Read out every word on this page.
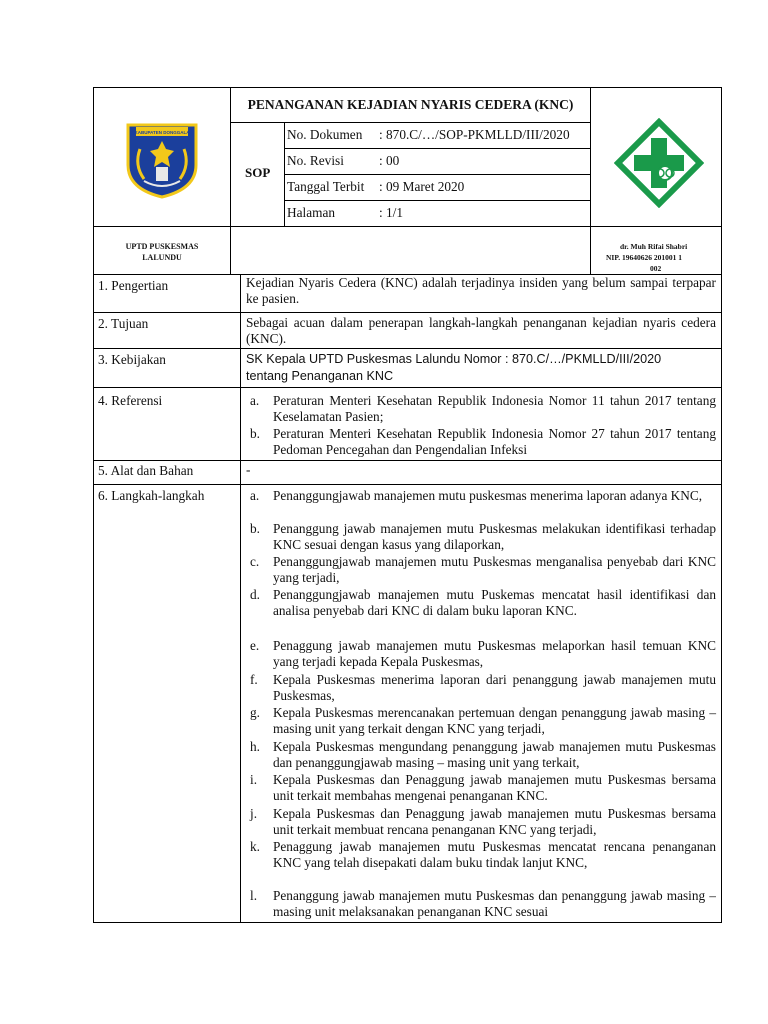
KABUPATEN DONGGALA
PENANGANAN KEJADIAN NYARIS CEDERA (KNC)
SOP
No. Dokumen : 870.C/…/SOP-PKMLLD/III/2020
No. Revisi	: 00
Tanggal Terbit : 09 Maret 2020
Halaman	: 1/1
UPTD PUSKESMAS
LALUNDU
dr. Muh Rifai Shabri
NIP. 19640626 201001 1
002
1. Pengertian	Kejadian Nyaris Cedera (KNC) adalah terjadinya insiden yang belum sampai terpapar ke pasien.
2. Tujuan	Sebagai acuan dalam penerapan langkah-langkah penanganan kejadian nyaris cedera (KNC).
3. Kebijakan	SK Kepala UPTD Puskesmas Lalundu Nomor : 870.C/…/PKMLLD/III/2020
tentang Penanganan KNC
4. Referensi	a. Peraturan Menteri Kesehatan Republik Indonesia Nomor 11 tahun 2017 tentang Keselamatan Pasien;
b. Peraturan Menteri Kesehatan Republik Indonesia Nomor 27 tahun 2017 tentang Pedoman Pencegahan dan Pengendalian Infeksi
5. Alat dan Bahan	-
6. Langkah-langkah	a. Penanggungjawab manajemen mutu puskesmas menerima laporan adanya KNC,
b. Penanggung jawab manajemen mutu Puskesmas melakukan identifikasi terhadap KNC sesuai dengan kasus yang dilaporkan,
c. Penanggungjawab manajemen mutu Puskesmas menganalisa penyebab dari KNC yang terjadi,
d. Penanggungjawab manajemen mutu Puskemas mencatat hasil identifikasi dan analisa penyebab dari KNC di dalam buku laporan KNC.
e. Penaggung jawab manajemen mutu Puskesmas melaporkan hasil temuan KNC yang terjadi kepada Kepala Puskesmas,
f. Kepala Puskesmas menerima laporan dari penanggung jawab manajemen mutu Puskesmas,
g. Kepala Puskesmas merencanakan pertemuan dengan penanggung jawab masing – masing unit yang terkait dengan KNC yang terjadi,
h. Kepala Puskesmas mengundang penanggung jawab manajemen mutu Puskesmas dan penanggungjawab masing – masing unit yang terkait,
i. Kepala Puskesmas dan Penaggung jawab manajemen mutu Puskesmas bersama unit terkait membahas mengenai penanganan KNC.
j. Kepala Puskesmas dan Penaggung jawab manajemen mutu Puskesmas bersama unit terkait membuat rencana penanganan KNC yang terjadi,
k. Penaggung jawab manajemen mutu Puskesmas mencatat rencana penanganan KNC yang telah disepakati dalam buku tindak lanjut KNC,
l. Penanggung jawab manajemen mutu Puskesmas dan penanggung jawab masing – masing unit melaksanakan penanganan KNC sesuai
